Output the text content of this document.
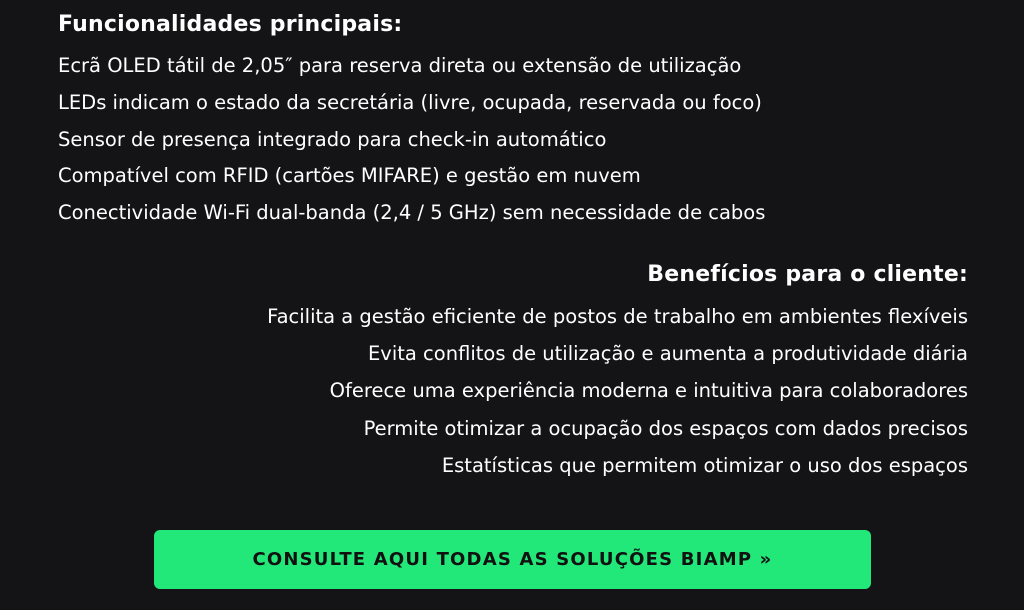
Funcionalidades principais:
Ecrã OLED tátil de 2,05″ para reserva direta ou extensão de utilização
LEDs indicam o estado da secretária (livre, ocupada, reservada ou foco)
Sensor de presença integrado para check-in automático
Compatível com RFID (cartões MIFARE) e gestão em nuvem
Conectividade Wi-Fi dual-banda (2,4 / 5 GHz) sem necessidade de cabos
Benefícios para o cliente:
Facilita a gestão eficiente de postos de trabalho em ambientes flexíveis
Evita conflitos de utilização e aumenta a produtividade diária
Oferece uma experiência moderna e intuitiva para colaboradores
Permite otimizar a ocupação dos espaços com dados precisos
Estatísticas que permitem otimizar o uso dos espaços
CONSULTE AQUI TODAS AS SOLUÇÕES BIAMP »
